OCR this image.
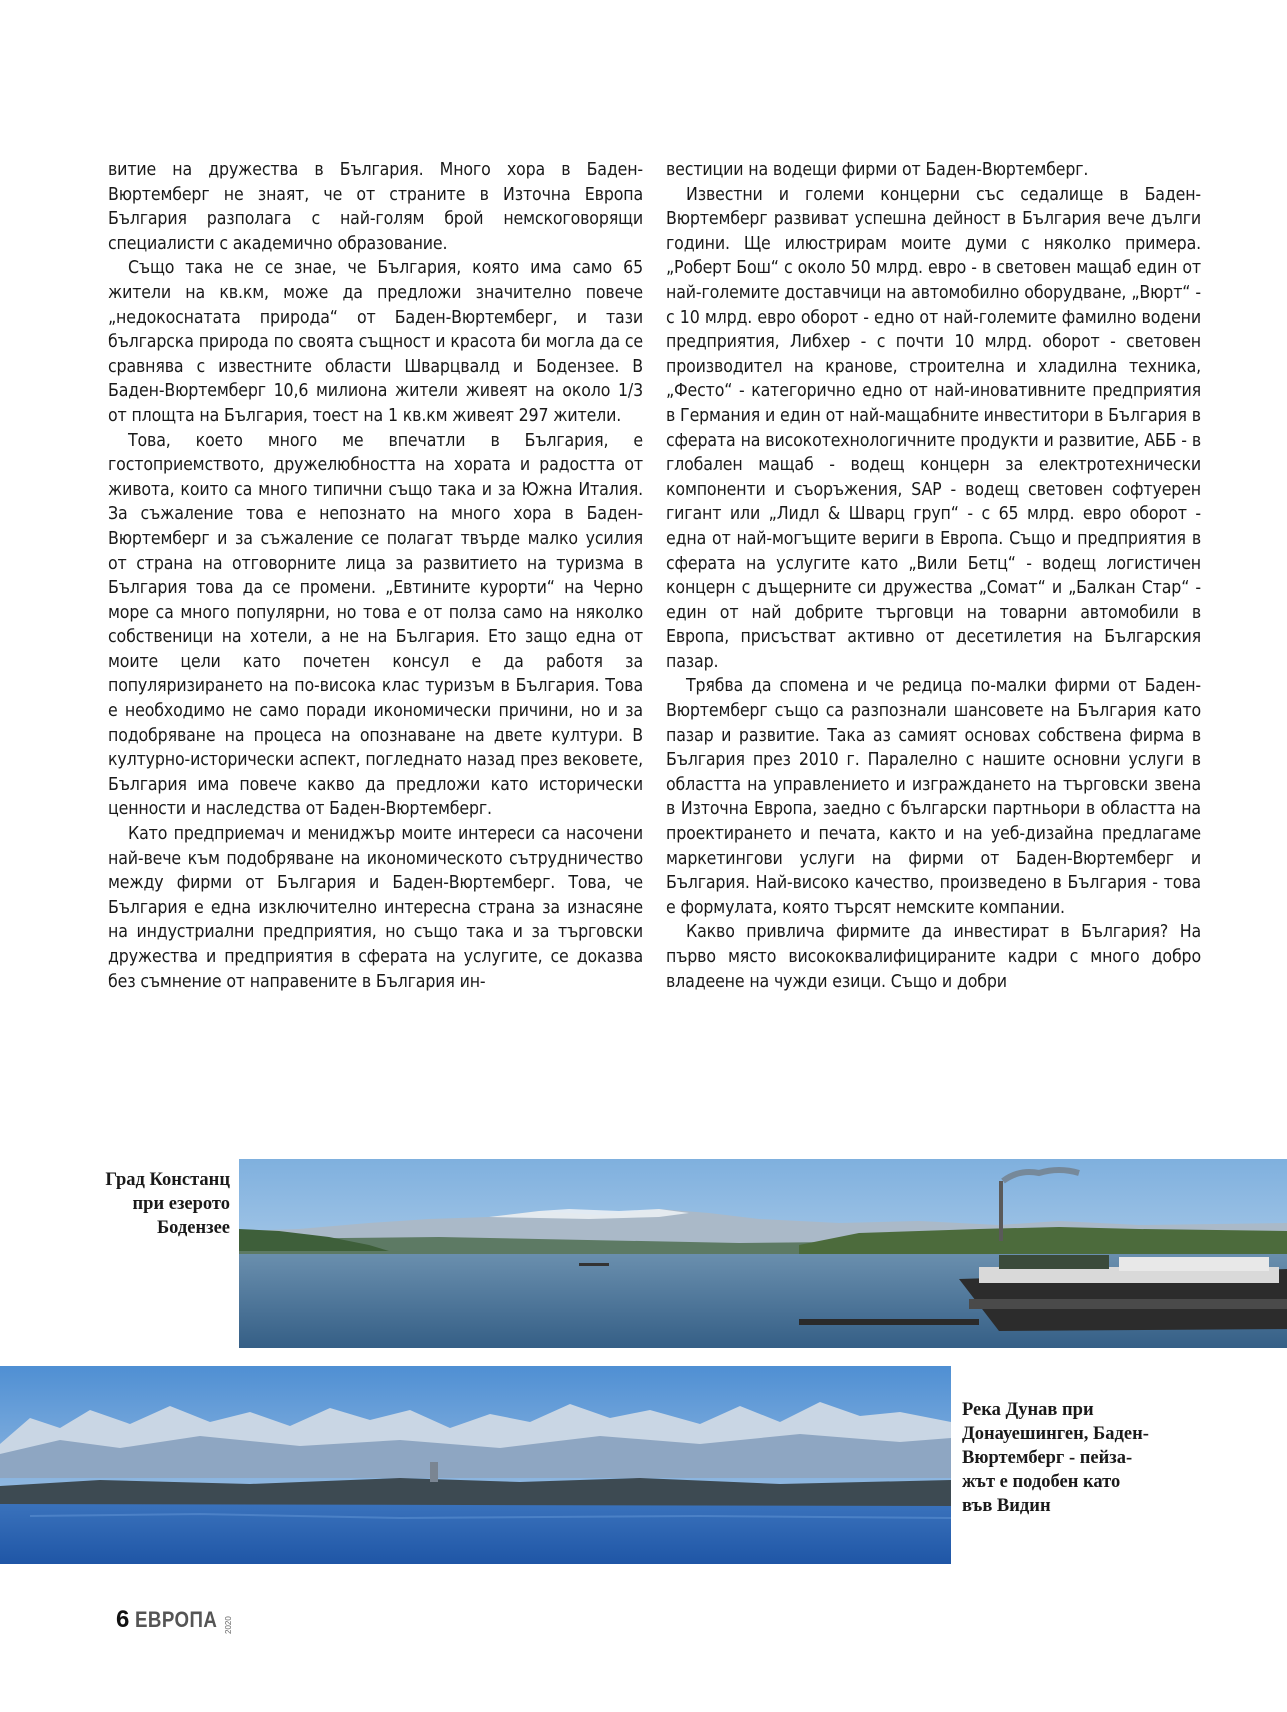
витие на дружества в България. Много хора в Баден-Вюртемберг не знаят, че от страните в Източна Европа България разполага с най-голям брой немскоговорящи специалисти с академично образование.

Също така не се знае, че България, която има само 65 жители на кв.км, може да предложи значително повече „недокоснатата природа“ от Баден-Вюртемберг, и тази българска природа по своята същност и красота би могла да се сравнява с известните области Шварцвалд и Бодензее. В Баден-Вюртемберг 10,6 милиона жители живеят на около 1/3 от площта на България, тоест на 1 кв.км живеят 297 жители.

Това, което много ме впечатли в България, е гостоприемството, дружелюбността на хората и радостта от живота, които са много типични също така и за Южна Италия. За съжаление това е непознато на много хора в Баден-Вюртемберг и за съжаление се полагат твърде малко усилия от страна на отговорните лица за развитието на туризма в България това да се промени. „Евтините курорти“ на Черно море са много популярни, но това е от полза само на няколко собственици на хотели, а не на България. Ето защо една от моите цели като почетен консул е да работя за популяризирането на по-висока клас туризъм в България. Това е необходимо не само поради икономически причини, но и за подобряване на процеса на опознаване на двете култури. В културно-исторически аспект, погледнато назад през вековете, България има повече какво да предложи като исторически ценности и наследства от Баден-Вюртемберг.

Като предприемач и мениджър моите интереси са насочени най-вече към подобряване на икономическото сътрудничество между фирми от България и Баден-Вюртемберг. Това, че България е една изключително интересна страна за изнасяне на индустриални предприятия, но също така и за търговски дружества и предприятия в сферата на услугите, се доказва без съмнение от направените в България ин-

вестиции на водещи фирми от Баден-Вюртемберг.

Известни и големи концерни със седалище в Баден-Вюртемберг развиват успешна дейност в България вече дълги години. Ще илюстрирам моите думи с няколко примера. „Роберт Бош“ с около 50 млрд. евро - в световен мащаб един от най-големите доставчици на автомобилно оборудване, „Вюрт“ - с 10 млрд. евро оборот - едно от най-големите фамилно водени предприятия, Либхер - с почти 10 млрд. оборот - световен производител на кранове, строителна и хладилна техника, „Фесто“ - категорично едно от най-иновативните предприятия в Германия и един от най-мащабните инвеститори в България в сферата на високотехнологичните продукти и развитие, АББ - в глобален мащаб - водещ концерн за електротехнически компоненти и съоръжения, SAP - водещ световен софтуерен гигант или „Лидл & Шварц груп“ - с 65 млрд. евро оборот - една от най-могъщите вериги в Европа. Също и предприятия в сферата на услугите като „Вили Бетц“ - водещ логистичен концерн с дъщерните си дружества „Сомат“ и „Балкан Стар“ - един от най добрите търговци на товарни автомобили в Европа, присъстват активно от десетилетия на Българския пазар.

Трябва да спомена и че редица по-малки фирми от Баден-Вюртемберг също са разпознали шансовете на България като пазар и развитие. Така аз самият основах собствена фирма в България през 2010 г. Паралелно с нашите основни услуги в областта на управлението и изграждането на търговски звена в Източна Европа, заедно с български партньори в областта на проектирането и печата, както и на уеб-дизайна предлагаме маркетингови услуги на фирми от Баден-Вюртемберг и България. Най-високо качество, произведено в България - това е формулата, която търсят немските компании.

Какво привлича фирмите да инвестират в България? На първо място висококвалифицираните кадри с много добро владеене на чужди езици. Също и добри

Град Констанц
при езерото
Бодензее
Река Дунав при
Донауешинген, Баден-
Вюртемберг - пейза-
жът е подобен като
във Видин
6 ЕВРОПА 2020
